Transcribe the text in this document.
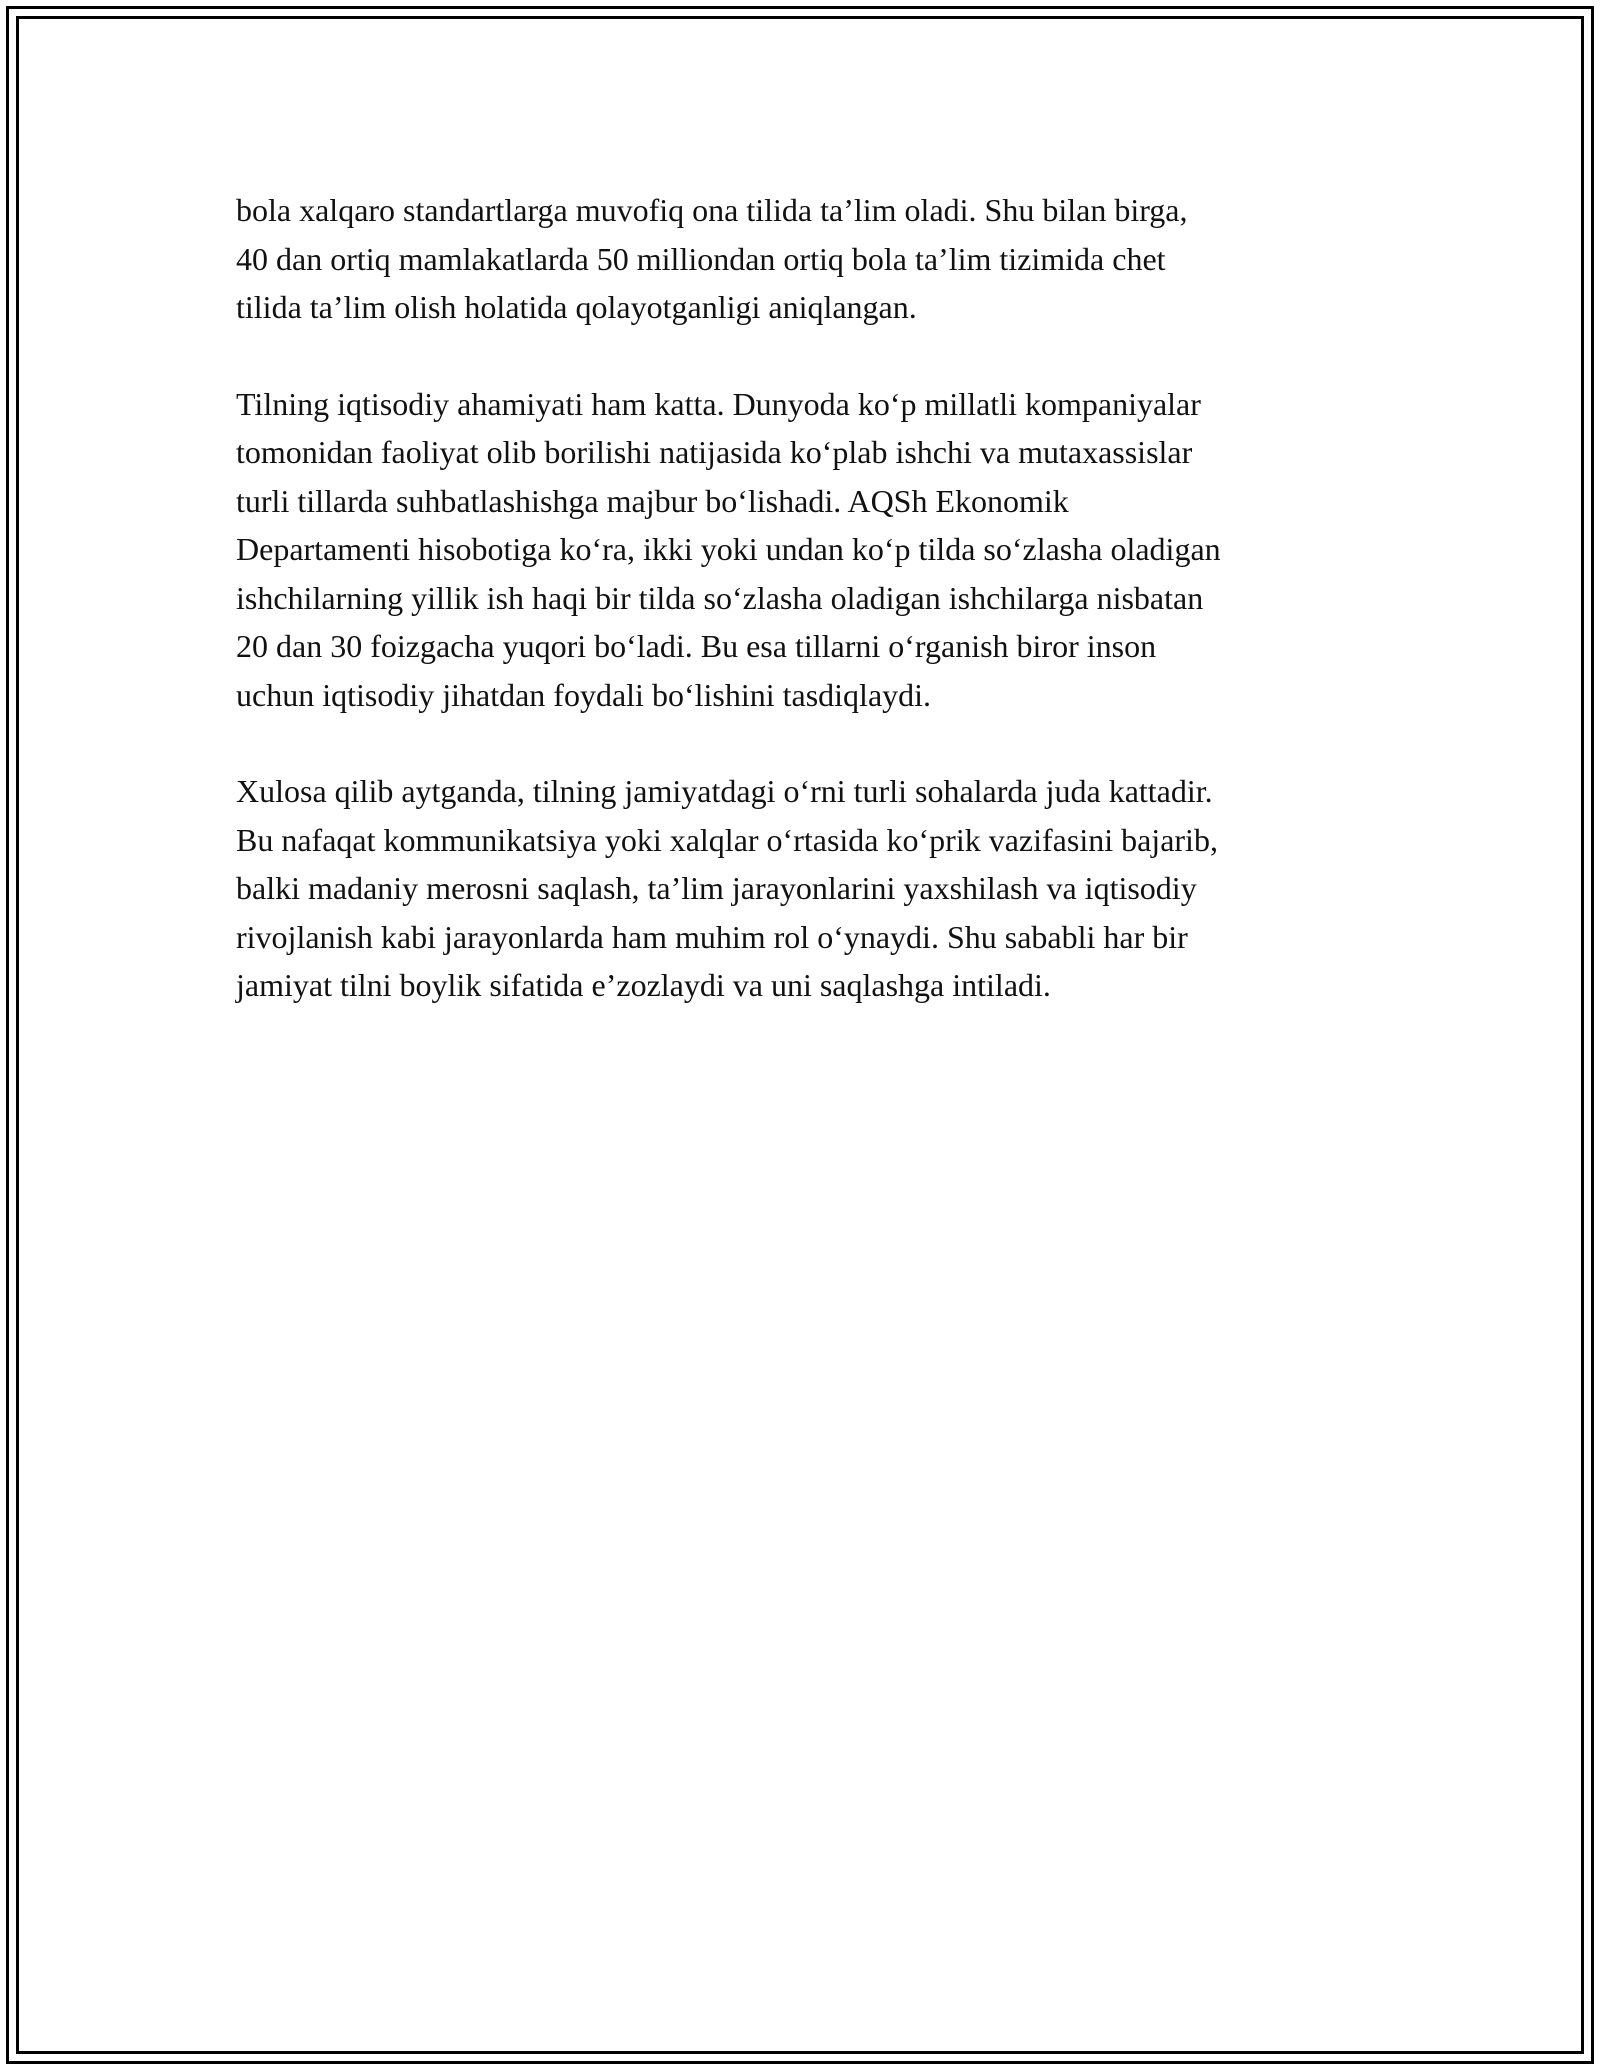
bola xalqaro standartlarga muvofiq ona tilida ta’lim oladi. Shu bilan birga,
40 dan ortiq mamlakatlarda 50 milliondan ortiq bola ta’lim tizimida chet
tilida ta’lim olish holatida qolayotganligi aniqlangan.

Tilning iqtisodiy ahamiyati ham katta. Dunyoda koʻp millatli kompaniyalar
tomonidan faoliyat olib borilishi natijasida koʻplab ishchi va mutaxassislar
turli tillarda suhbatlashishga majbur boʻlishadi. AQSh Ekonomik
Departamenti hisobotiga koʻra, ikki yoki undan koʻp tilda soʻzlasha oladigan
ishchilarning yillik ish haqi bir tilda soʻzlasha oladigan ishchilarga nisbatan
20 dan 30 foizgacha yuqori boʻladi. Bu esa tillarni oʻrganish biror inson
uchun iqtisodiy jihatdan foydali boʻlishini tasdiqlaydi.

Xulosa qilib aytganda, tilning jamiyatdagi oʻrni turli sohalarda juda kattadir.
Bu nafaqat kommunikatsiya yoki xalqlar oʻrtasida koʻprik vazifasini bajarib,
balki madaniy merosni saqlash, ta’lim jarayonlarini yaxshilash va iqtisodiy
rivojlanish kabi jarayonlarda ham muhim rol oʻynaydi. Shu sababli har bir
jamiyat tilni boylik sifatida e’zozlaydi va uni saqlashga intiladi.
